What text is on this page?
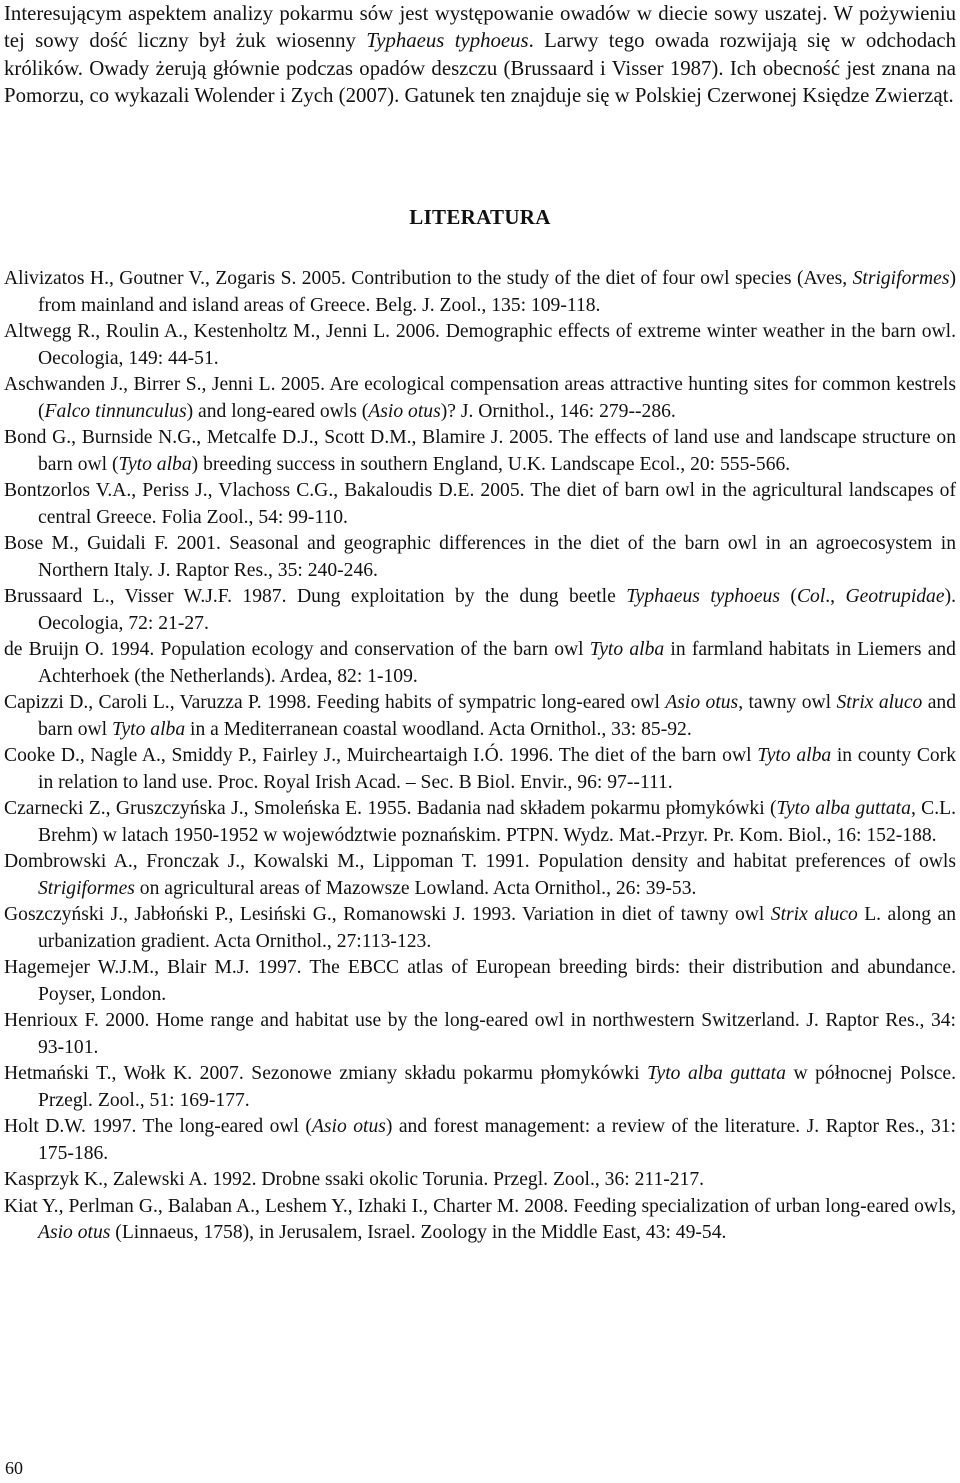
Interesującym aspektem analizy pokarmu sów jest występowanie owadów w diecie sowy uszatej. W pożywieniu tej sowy dość liczny był żuk wiosenny Typhaeus typhoeus. Larwy tego owada rozwijają się w odchodach królików. Owady żerują głównie podczas opadów deszczu (Brussaard i Visser 1987). Ich obecność jest znana na Pomorzu, co wykazali Wolender i Zych (2007). Gatunek ten znajduje się w Polskiej Czerwonej Księdze Zwierząt.

LITERATURA
Alivizatos H., Goutner V., Zogaris S. 2005. Contribution to the study of the diet of four owl species (Aves, Strigiformes) from mainland and island areas of Greece. Belg. J. Zool., 135: 109-118.
Altwegg R., Roulin A., Kestenholtz M., Jenni L. 2006. Demographic effects of extreme winter weather in the barn owl. Oecologia, 149: 44-51.
Aschwanden J., Birrer S., Jenni L. 2005. Are ecological compensation areas attractive hunting sites for common kestrels (Falco tinnunculus) and long-eared owls (Asio otus)? J. Ornithol., 146: 279--286.
Bond G., Burnside N.G., Metcalfe D.J., Scott D.M., Blamire J. 2005. The effects of land use and landscape structure on barn owl (Tyto alba) breeding success in southern England, U.K. Landscape Ecol., 20: 555-566.
Bontzorlos V.A., Periss J., Vlachoss C.G., Bakaloudis D.E. 2005. The diet of barn owl in the agricultural landscapes of central Greece. Folia Zool., 54: 99-110.
Bose M., Guidali F. 2001. Seasonal and geographic differences in the diet of the barn owl in an agroecosystem in Northern Italy. J. Raptor Res., 35: 240-246.
Brussaard L., Visser W.J.F. 1987. Dung exploitation by the dung beetle Typhaeus typhoeus (Col., Geotrupidae). Oecologia, 72: 21-27.
de Bruijn O. 1994. Population ecology and conservation of the barn owl Tyto alba in farmland habitats in Liemers and Achterhoek (the Netherlands). Ardea, 82: 1-109.
Capizzi D., Caroli L., Varuzza P. 1998. Feeding habits of sympatric long-eared owl Asio otus, tawny owl Strix aluco and barn owl Tyto alba in a Mediterranean coastal woodland. Acta Ornithol., 33: 85-92.
Cooke D., Nagle A., Smiddy P., Fairley J., Muircheartaigh I.Ó. 1996. The diet of the barn owl Tyto alba in county Cork in relation to land use. Proc. Royal Irish Acad. – Sec. B Biol. Envir., 96: 97--111.
Czarnecki Z., Gruszczyńska J., Smoleńska E. 1955. Badania nad składem pokarmu płomykówki (Tyto alba guttata, C.L. Brehm) w latach 1950-1952 w województwie poznańskim. PTPN. Wydz. Mat.-Przyr. Pr. Kom. Biol., 16: 152-188.
Dombrowski A., Fronczak J., Kowalski M., Lippoman T. 1991. Population density and habitat preferences of owls Strigiformes on agricultural areas of Mazowsze Lowland. Acta Ornithol., 26: 39-53.
Goszczyński J., Jabłoński P., Lesiński G., Romanowski J. 1993. Variation in diet of tawny owl Strix aluco L. along an urbanization gradient. Acta Ornithol., 27:113-123.
Hagemejer W.J.M., Blair M.J. 1997. The EBCC atlas of European breeding birds: their distribution and abundance. Poyser, London.
Henrioux F. 2000. Home range and habitat use by the long-eared owl in northwestern Switzerland. J. Raptor Res., 34: 93-101.
Hetmański T., Wołk K. 2007. Sezonowe zmiany składu pokarmu płomykówki Tyto alba guttata w północnej Polsce. Przegl. Zool., 51: 169-177.
Holt D.W. 1997. The long-eared owl (Asio otus) and forest management: a review of the literature. J. Raptor Res., 31: 175-186.
Kasprzyk K., Zalewski A. 1992. Drobne ssaki okolic Torunia. Przegl. Zool., 36: 211-217.
Kiat Y., Perlman G., Balaban A., Leshem Y., Izhaki I., Charter M. 2008. Feeding specialization of urban long-eared owls, Asio otus (Linnaeus, 1758), in Jerusalem, Israel. Zoology in the Middle East, 43: 49-54.
60
